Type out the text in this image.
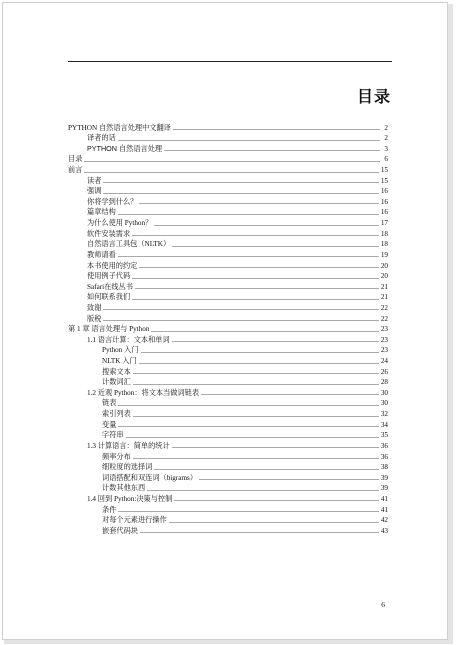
目录
PYTHON 自然语言处理中文翻译	2
译者的话	2
PYTHON 自然语言处理	3
目录	6
前言	15
读者	15
强调	16
你将学到什么？	16
篇章结构	16
为什么使用 Python？	17
软件安装需求	18
自然语言工具包（NLTK）	18
教师请看	19
本书使用的约定	20
使用例子代码	20
Safari在线丛书	21
如何联系我们	21
致谢	22
版税	22
第 1 章 语言处理与 Python	23
1.1 语言计算：文本和单词	23
Python 入门	23
NLTK 入门	24
搜索文本	26
计数词汇	28
1.2 近观 Python：将文本当做词链表	30
链表	30
索引列表	32
变量	34
字符串	35
1.3 计算语言：简单的统计	36
频率分布	36
细粒度的选择词	38
词语搭配和双连词（bigrams）	39
计数其他东西	39
1.4 回到 Python:决策与控制	41
条件	41
对每个元素进行操作	42
嵌套代码块	43
6
